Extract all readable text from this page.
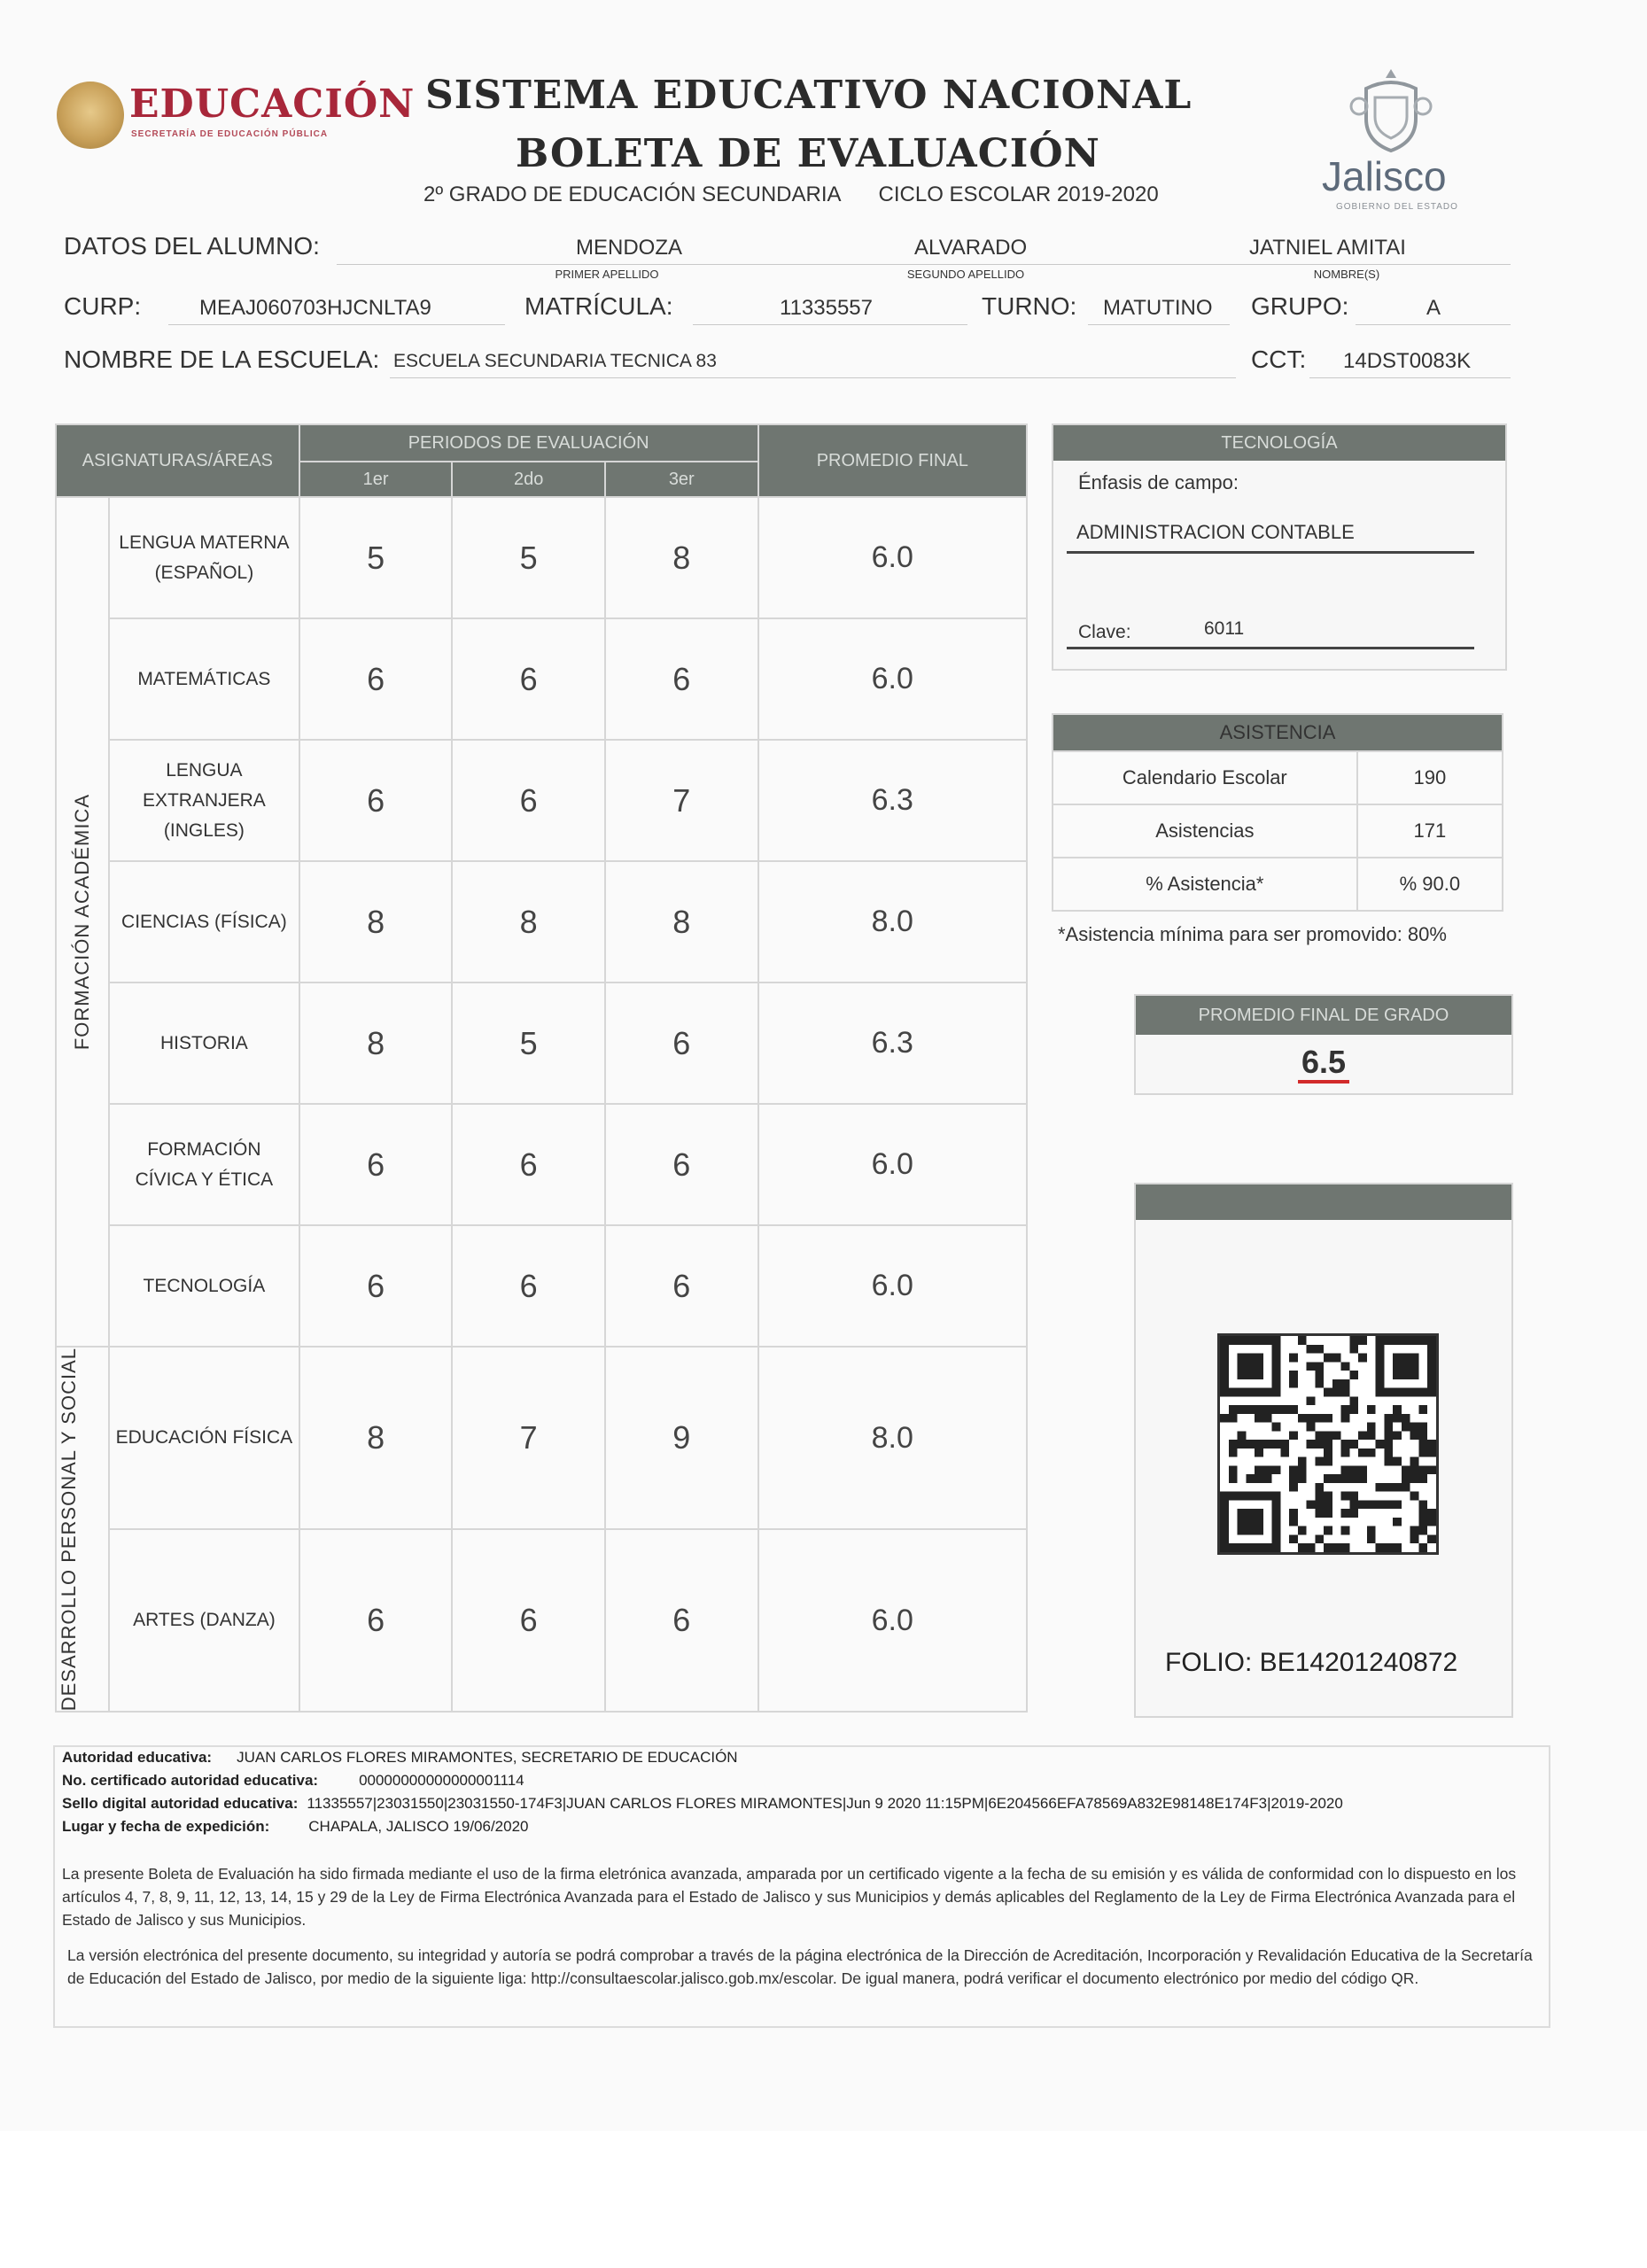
EDUCACIÓN
SECRETARÍA DE EDUCACIÓN PÚBLICA
SISTEMA EDUCATIVO NACIONAL
BOLETA DE EVALUACIÓN
2º GRADO DE EDUCACIÓN SECUNDARIA CICLO ESCOLAR 2019-2020	Jalisco
GOBIERNO DEL ESTADO
DATOS DEL ALUMNO:	MENDOZA
PRIMER APELLIDO
ALVARADO
SEGUNDO APELLIDO
JATNIEL AMITAI
NOMBRE(S)
CURP:	MEAJ060703HJCNLTA9	MATRÍCULA:	11335557	TURNO: MATUTINO GRUPO:	A
NOMBRE DE LA ESCUELA: ESCUELA SECUNDARIA TECNICA 83	CCT: 14DST0083K
ASIGNATURAS/ÁREAS		PERIODOS DE EVALUACIÓN			PROMEDIO FINAL
		1er	2do	3er	

FORMACIÓN ACADÉMICA	LENGUA MATERNA
(ESPAÑOL)	5	5	8	6.0

	MATEMÁTICAS	6	6	6	6.0

	LENGUA
EXTRANJERA
(INGLES)	6	6	7	6.3

	CIENCIAS (FÍSICA)	8	8	8	8.0

	HISTORIA	8	5	6	6.3

	FORMACIÓN
CÍVICA Y ÉTICA	6	6	6	6.0

	TECNOLOGÍA	6	6	6	6.0

DESARROLLO PERSONAL Y SOCIAL	EDUCACIÓN FÍSICA	8	7	9	8.0

	ARTES (DANZA)	6	6	6	6.0
TECNOLOGÍA
Énfasis de campo:
ADMINISTRACION CONTABLE
Clave:	6011
ASISTENCIA	
Calendario Escolar	190
Asistencias	171
% Asistencia*	% 90.0
*Asistencia mínima para ser promovido: 80%
PROMEDIO FINAL DE GRADO
6.5
FOLIO: BE14201240872
Autoridad educativa: JUAN CARLOS FLORES MIRAMONTES, SECRETARIO DE EDUCACIÓN
No. certificado autoridad educativa:	00000000000000001114
Sello digital autoridad educativa: 11335557|23031550|23031550-174F3|JUAN CARLOS FLORES MIRAMONTES|Jun 9 2020 11:15PM|6E204566EFA78569A832E98148E174F3|2019-2020
Lugar y fecha de expedición:	CHAPALA, JALISCO 19/06/2020
La presente Boleta de Evaluación ha sido firmada mediante el uso de la firma eletrónica avanzada, amparada por un certificado vigente a la fecha de su emisión y es válida de conformidad con lo dispuesto en los artículos 4, 7, 8, 9, 11, 12, 13, 14, 15 y 29 de la Ley de Firma Electrónica Avanzada para el Estado de Jalisco y sus Municipios y demás aplicables del Reglamento de la Ley de Firma Electrónica Avanzada para el Estado de Jalisco y sus Municipios.
La versión electrónica del presente documento, su integridad y autoría se podrá comprobar a través de la página electrónica de la Dirección de Acreditación, Incorporación y Revalidación Educativa de la Secretaría de Educación del Estado de Jalisco, por medio de la siguiente liga: http://consultaescolar.jalisco.gob.mx/escolar. De igual manera, podrá verificar el documento electrónico por medio del código QR.
